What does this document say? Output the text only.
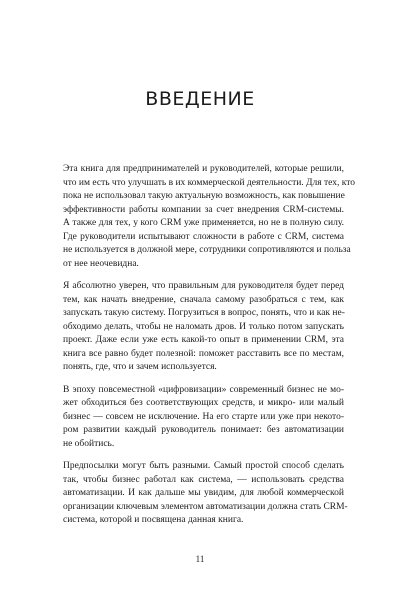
ВВЕДЕНИЕ
Эта книга для предпринимателей и руководителей, которые решили,
что им есть что улучшать в их коммерческой деятельности. Для тех, кто
пока не использовал такую актуальную возможность, как повышение
эффективности работы компании за счет внедрения CRM-системы.
А также для тех, у кого CRM уже применяется, но не в полную силу.
Где руководители испытывают сложности в работе с CRM, система
не используется в должной мере, сотрудники сопротивляются и польза
от нее неочевидна.
Я абсолютно уверен, что правильным для руководителя будет перед
тем, как начать внедрение, сначала самому разобраться с тем, как
запускать такую систему. Погрузиться в вопрос, понять, что и как не-
обходимо делать, чтобы не наломать дров. И только потом запускать
проект. Даже если уже есть какой-то опыт в применении CRM, эта
книга все равно будет полезной: поможет расставить все по местам,
понять, где, что и зачем используется.
В эпоху повсеместной «цифровизации» современный бизнес не мо-
жет обходиться без соответствующих средств, и микро- или малый
бизнес — совсем не исключение. На его старте или уже при некото-
ром развитии каждый руководитель понимает: без автоматизации
не обойтись.
Предпосылки могут быть разными. Самый простой способ сделать
так, чтобы бизнес работал как система, — использовать средства
автоматизации. И как дальше мы увидим, для любой коммерческой
организации ключевым элементом автоматизации должна стать CRM-
система, которой и посвящена данная книга.
11
